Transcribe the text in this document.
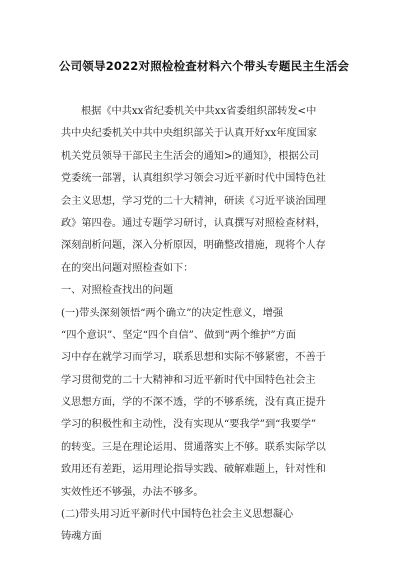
公司领导2022对照检检查材料六个带头专题民主生活会
根据《中共xx省纪委机关中共xx省委组织部转发<中
共中央纪委机关中共中央组织部关于认真开好xx年度国家
机关党员领导干部民主生活会的通知>的通知》，根据公司
党委统一部署，认真组织学习领会习近平新时代中国特色社
会主义思想，学习党的二十大精神，研读《习近平谈治国理
政》第四卷。通过专题学习研讨，认真撰写对照检查材料，
深刻剖析问题，深入分析原因，明确整改措施，现将个人存
在的突出问题对照检查如下：
一、对照检查找出的问题
(一)带头深刻领悟“两个确立”的决定性意义，增强
“四个意识”、坚定“四个自信”、做到“两个维护”方面
习中存在就学习而学习，联系思想和实际不够紧密，不善于
学习贯彻党的二十大精神和习近平新时代中国特色社会主
义思想方面，学的不深不透，学的不够系统，没有真正提升
学习的积极性和主动性，没有实现从“要我学”到“我要学”
的转变。三是在理论运用、贯通落实上不够。联系实际学以
致用还有差距，运用理论指导实践、破解难题上，针对性和
实效性还不够强，办法不够多。
(二)带头用习近平新时代中国特色社会主义思想凝心
铸魂方面
